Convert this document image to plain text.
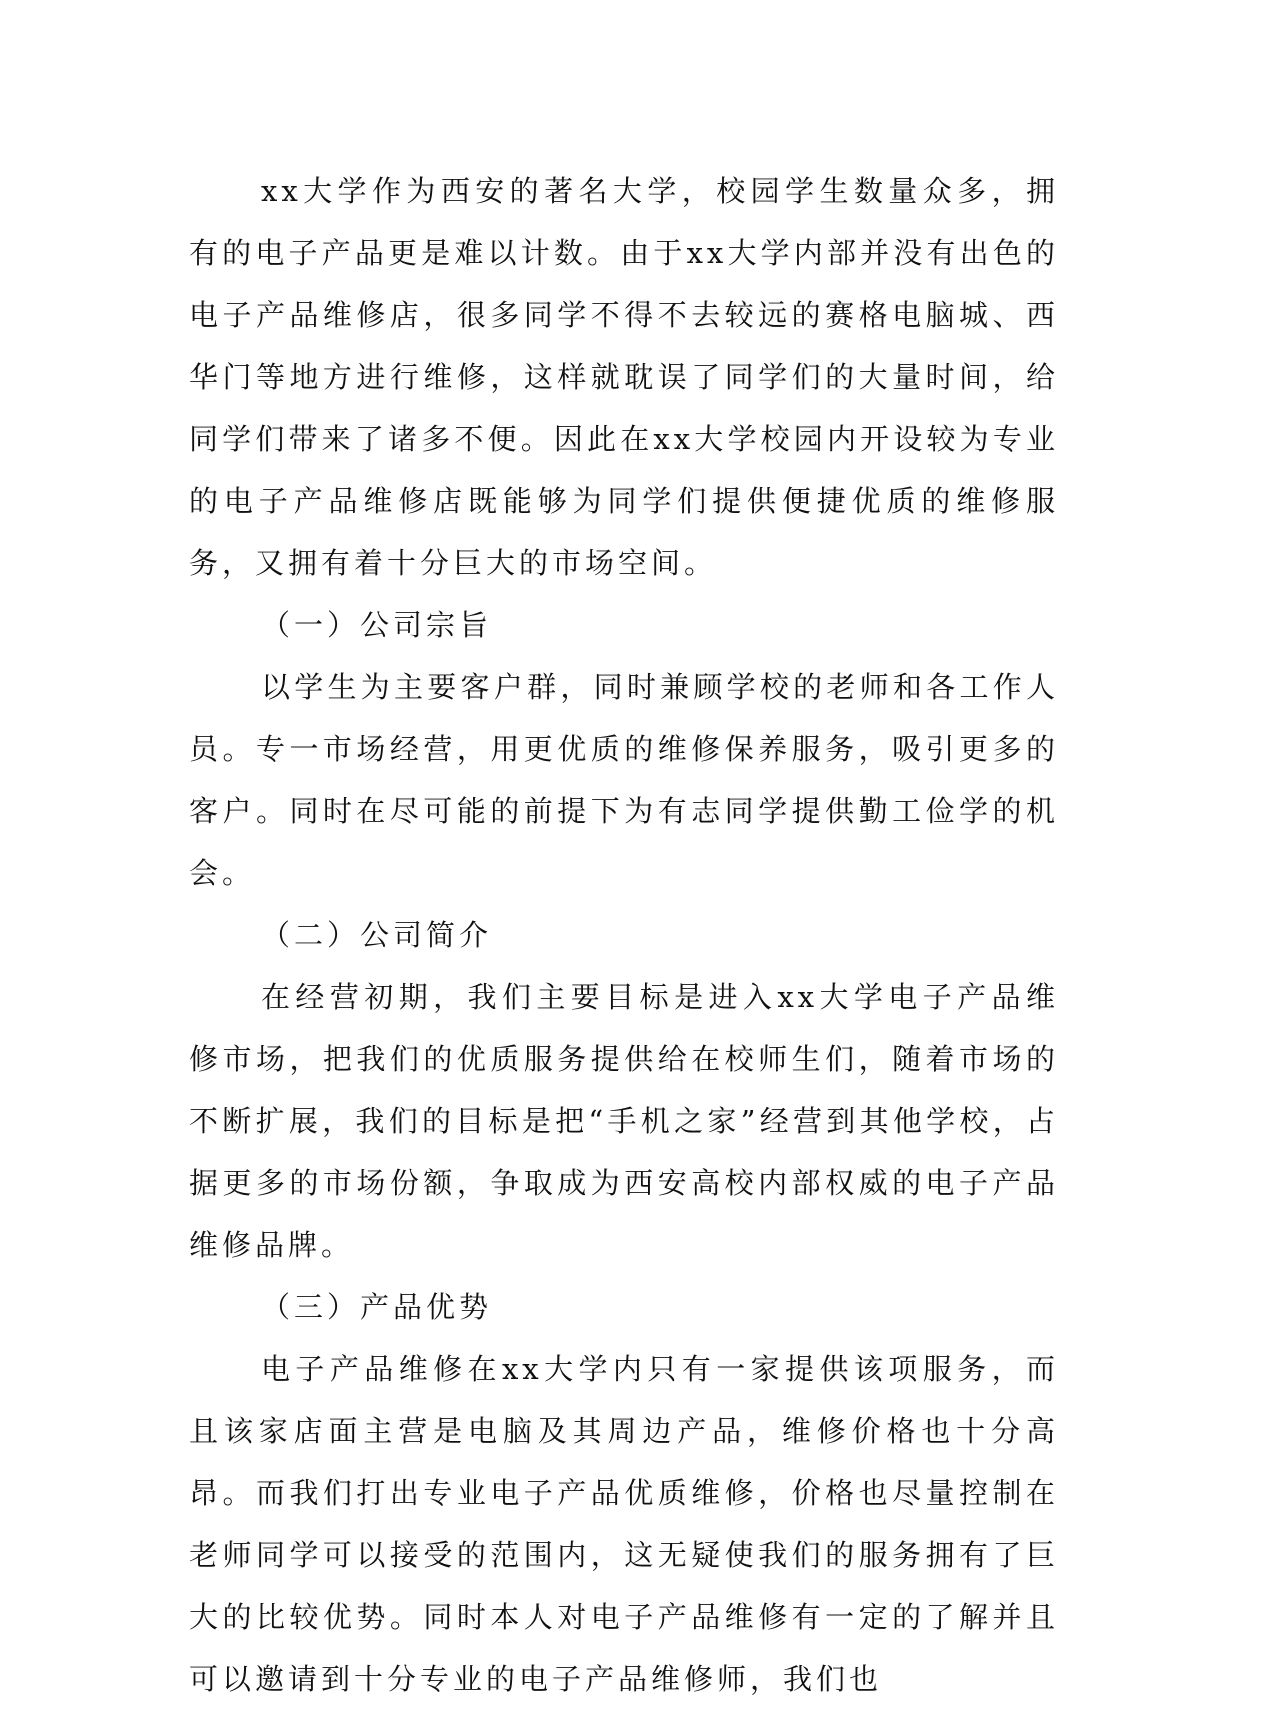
xx大学作为西安的著名大学，校园学生数量众多，拥有的电子产品更是难以计数。由于xx大学内部并没有出色的电子产品维修店，很多同学不得不去较远的赛格电脑城、西华门等地方进行维修，这样就耽误了同学们的大量时间，给同学们带来了诸多不便。因此在xx大学校园内开设较为专业的电子产品维修店既能够为同学们提供便捷优质的维修服务，又拥有着十分巨大的市场空间。

（一）公司宗旨

以学生为主要客户群，同时兼顾学校的老师和各工作人员。专一市场经营，用更优质的维修保养服务，吸引更多的客户。同时在尽可能的前提下为有志同学提供勤工俭学的机会。

（二）公司简介

在经营初期，我们主要目标是进入xx大学电子产品维修市场，把我们的优质服务提供给在校师生们，随着市场的不断扩展，我们的目标是把“手机之家”经营到其他学校，占据更多的市场份额，争取成为西安高校内部权威的电子产品维修品牌。

（三）产品优势

电子产品维修在xx大学内只有一家提供该项服务，而且该家店面主营是电脑及其周边产品，维修价格也十分高昂。而我们打出专业电子产品优质维修，价格也尽量控制在老师同学可以接受的范围内，这无疑使我们的服务拥有了巨大的比较优势。同时本人对电子产品维修有一定的了解并且可以邀请到十分专业的电子产品维修师，我们也
